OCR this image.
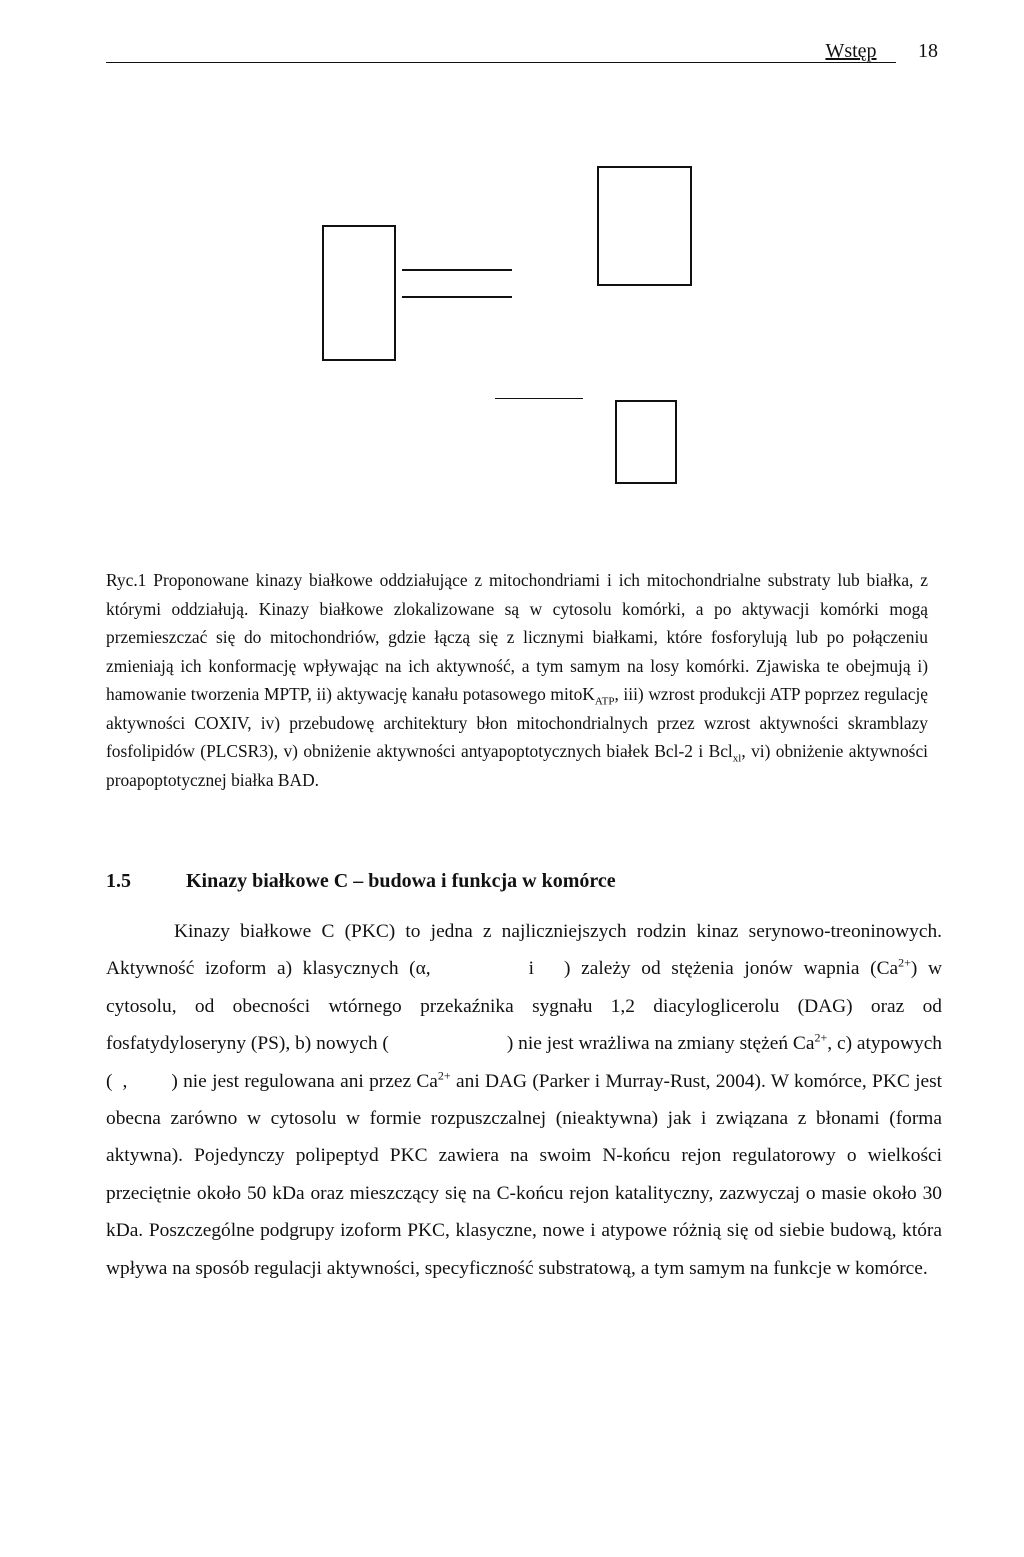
Wstęp	18

Ryc.1 Proponowane kinazy białkowe oddziałujące z mitochondriami i ich mitochondrialne substraty lub białka, z którymi oddziałują. Kinazy białkowe zlokalizowane są w cytosolu komórki, a po aktywacji komórki mogą przemieszczać się do mitochondriów, gdzie łączą się z licznymi białkami, które fosforylują lub po połączeniu zmieniają ich konformację wpływając na ich aktywność, a tym samym na losy komórki. Zjawiska te obejmują i) hamowanie tworzenia MPTP, ii) aktywację kanału potasowego mitoK$_{ATP}$, iii) wzrost produkcji ATP poprzez regulację aktywności COXIV, iv) przebudowę architektury błon mitochondrialnych przez wzrost aktywności skramblazy fosfolipidów (PLCSR3), v) obniżenie aktywności antyapoptotycznych białek Bcl-2 i Bcl$_{xl}$, vi) obniżenie aktywności proapoptotycznej białka BAD.

1.5	Kinazy białkowe C – budowa i funkcja w komórce

Kinazy białkowe C (PKC) to jedna z najliczniejszych rodzin kinaz serynowo-treoninowych. Aktywność izoform a) klasycznych (α,	i ) zależy od stężenia jonów wapnia $(Ca^{2+})$ w cytosolu, od obecności wtórnego przekaźnika sygnału 1,2 diacyloglicerolu (DAG) oraz od fosfatydyloseryny (PS), b) nowych (	) nie jest wrażliwa na zmiany stężeń $Ca^{2+}$, c) atypowych ( , ) nie jest regulowana ani przez $Ca^{2+}$ ani DAG (Parker i Murray-Rust, 2004). W komórce, PKC jest obecna zarówno w cytosolu w formie rozpuszczalnej (nieaktywna) jak i związana z błonami (forma aktywna). Pojedynczy polipeptyd PKC zawiera na swoim N-końcu rejon regulatorowy o wielkości przeciętnie około 50 kDa oraz mieszczący się na C-końcu rejon katalityczny, zazwyczaj o masie około 30 kDa. Poszczególne podgrupy izoform PKC, klasyczne, nowe i atypowe różnią się od siebie budową, która wpływa na sposób regulacji aktywności, specyficzność substratową, a tym samym na funkcje w komórce.
